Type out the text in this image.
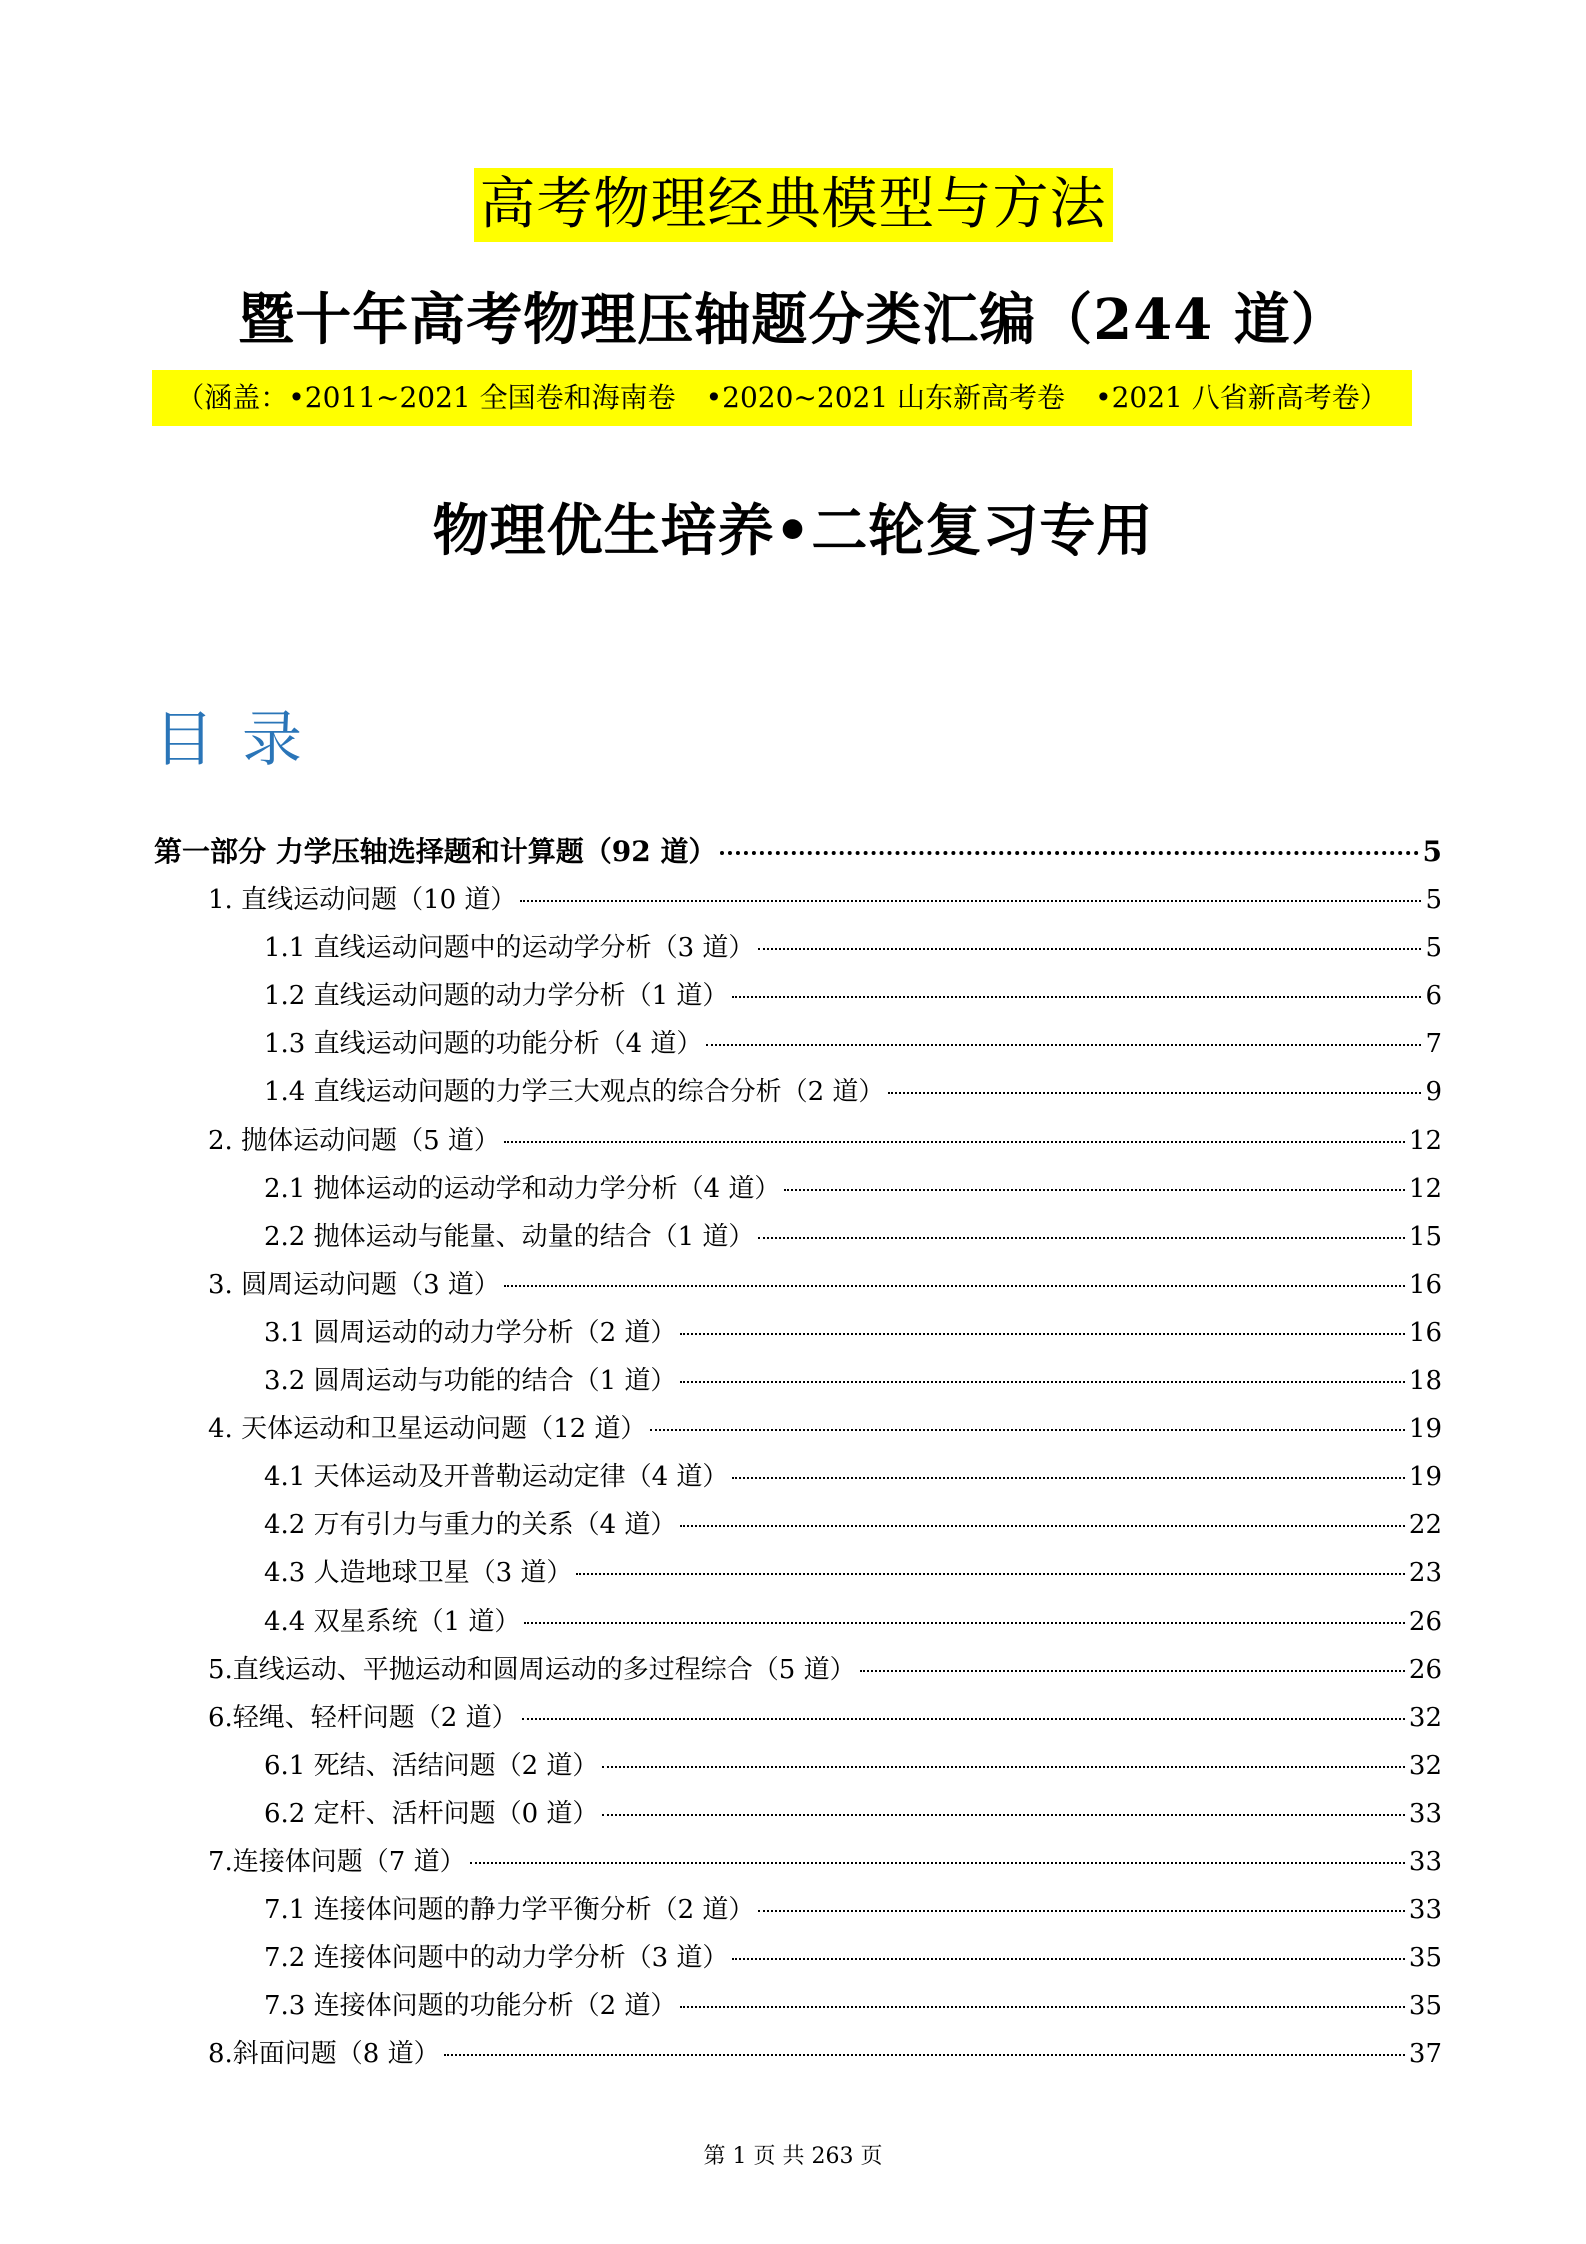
高考物理经典模型与方法
暨十年高考物理压轴题分类汇编（244 道）
（涵盖：•2011~2021 全国卷和海南卷 •2020~2021 山东新高考卷 •2021 八省新高考卷）
物理优生培养•二轮复习专用
目录
第一部分 力学压轴选择题和计算题（92 道）	5
1. 直线运动问题（10 道）	5
1.1 直线运动问题中的运动学分析（3 道）	5
1.2 直线运动问题的动力学分析（1 道）	6
1.3 直线运动问题的功能分析（4 道）	7
1.4 直线运动问题的力学三大观点的综合分析（2 道）	9
2. 抛体运动问题（5 道）	12
2.1 抛体运动的运动学和动力学分析（4 道）	12
2.2 抛体运动与能量、动量的结合（1 道）	15
3. 圆周运动问题（3 道）	16
3.1 圆周运动的动力学分析（2 道）	16
3.2 圆周运动与功能的结合（1 道）	18
4. 天体运动和卫星运动问题（12 道）	19
4.1 天体运动及开普勒运动定律（4 道）	19
4.2 万有引力与重力的关系（4 道）	22
4.3 人造地球卫星（3 道）	23
4.4 双星系统（1 道）	26
5.直线运动、平抛运动和圆周运动的多过程综合（5 道）	26
6.轻绳、轻杆问题（2 道）	32
6.1 死结、活结问题（2 道）	32
6.2 定杆、活杆问题（0 道）	33
7.连接体问题（7 道）	33
7.1 连接体问题的静力学平衡分析（2 道）	33
7.2 连接体问题中的动力学分析（3 道）	35
7.3 连接体问题的功能分析（2 道）	35
8.斜面问题（8 道）	37
第 1 页 共 263 页
